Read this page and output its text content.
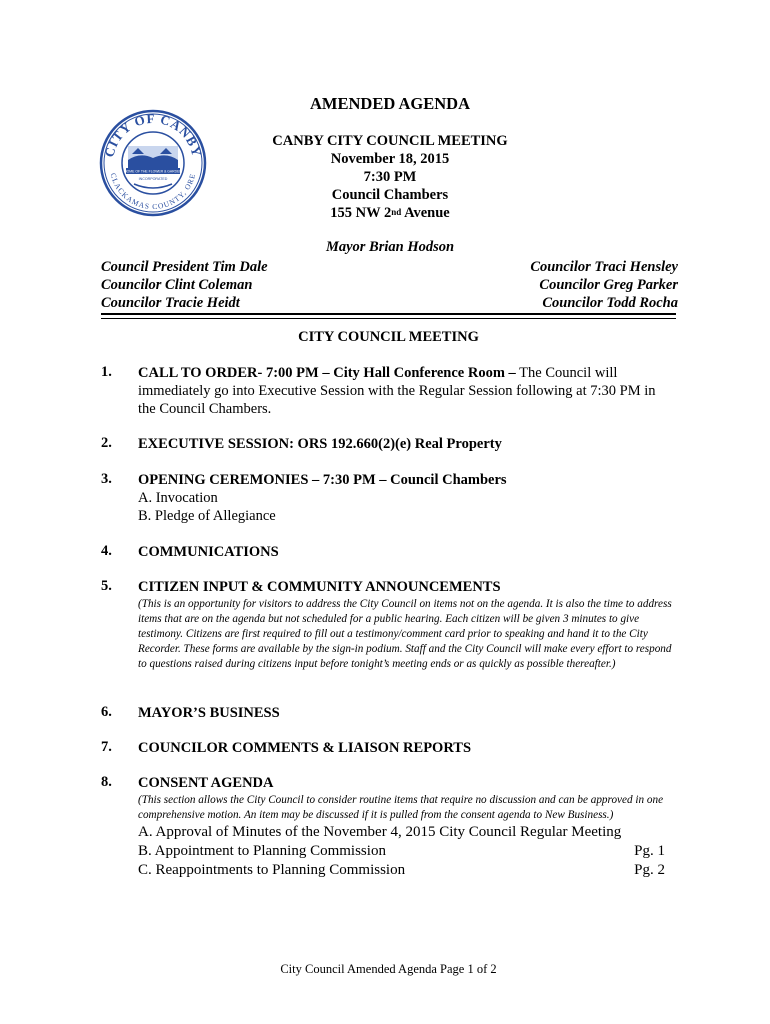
CITY OF CANBY
CLACKAMAS COUNTY, ORE
HOME OF THE FLOWER & GARDEN
INCORPORATED
AMENDED AGENDA
CANBY CITY COUNCIL MEETING
November 18, 2015
7:30 PM
Council Chambers
155 NW 2nd Avenue
Mayor Brian Hodson
Council President Tim Dale
Councilor Clint Coleman
Councilor Tracie Heidt
Councilor Traci Hensley
Councilor Greg Parker
Councilor Todd Rocha
CITY COUNCIL MEETING
1. CALL TO ORDER- 7:00 PM – City Hall Conference Room – The Council will immediately go into Executive Session with the Regular Session following at 7:30 PM in the Council Chambers.
2. EXECUTIVE SESSION: ORS 192.660(2)(e) Real Property
3. OPENING CEREMONIES – 7:30 PM – Council Chambers
A. Invocation
B. Pledge of Allegiance
4. COMMUNICATIONS
5. CITIZEN INPUT & COMMUNITY ANNOUNCEMENTS
(This is an opportunity for visitors to address the City Council on items not on the agenda. It is also the time to address items that are on the agenda but not scheduled for a public hearing. Each citizen will be given 3 minutes to give testimony. Citizens are first required to fill out a testimony/comment card prior to speaking and hand it to the City Recorder. These forms are available by the sign-in podium. Staff and the City Council will make every effort to respond to questions raised during citizens input before tonight’s meeting ends or as quickly as possible thereafter.)
6. MAYOR’S BUSINESS
7. COUNCILOR COMMENTS & LIAISON REPORTS
8. CONSENT AGENDA
(This section allows the City Council to consider routine items that require no discussion and can be approved in one comprehensive motion. An item may be discussed if it is pulled from the consent agenda to New Business.)
A. Approval of Minutes of the November 4, 2015 City Council Regular Meeting
B. Appointment to Planning Commission	Pg. 1
C. Reappointments to Planning Commission	Pg. 2
City Council Amended Agenda Page 1 of 2
